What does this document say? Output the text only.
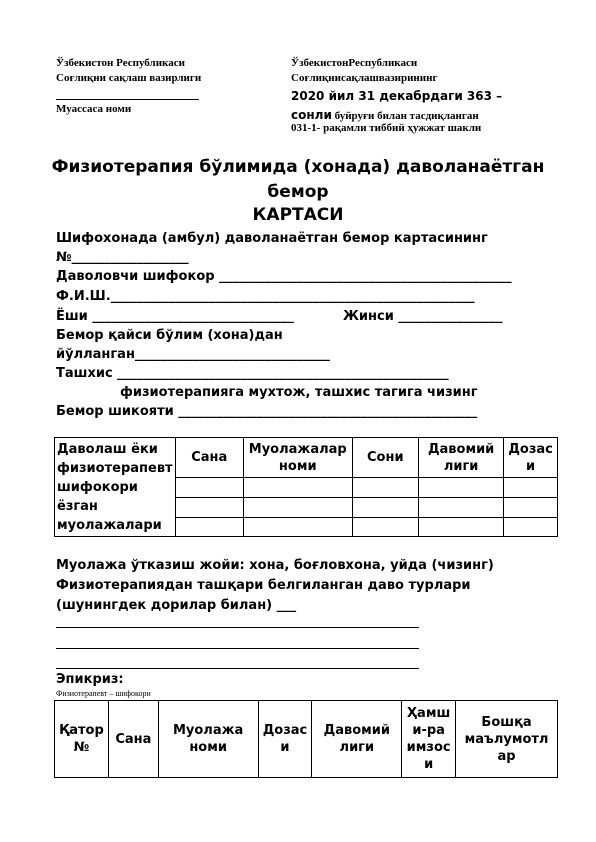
Ўзбекистон Республикаси
Соғлиқни сақлаш вазирлиги
Муассаса номи
ЎзбекистонРеспубликаси
Соғлиқнисақлашвазирининг
2020 йил 31 декабрдаги 363 –
сонли буйруғи билан тасдиқланган
031-1- рақамли тиббий ҳужжат шакли
Физиотерапия бўлимида (хонада) даволанаётган
бемор
КАРТАСИ
Шифохонада (амбул) даволанаётган бемор картасининг
№__________________
Даволовчи шифокор _____________________________________________
Ф.И.Ш.________________________________________________________
Ёши _______________________________	Жинси ________________
Бемор қайси бўлим (хона)дан
йўлланган______________________________
Ташхис ___________________________________________________
физиотерапияга мухтож, ташхис тагига чизинг
Бемор шикояти ______________________________________________
Даволаш ёки физиотерапевт шифокори ёзган муолажалари	Сана	Муолажалар номи	Сони	Давомий лиги	Дозас и

Муолажа ўтказиш жойи: хона, боғловхона, уйда (чизинг)
Физиотерапиядан ташқари белгиланган даво турлари
(шунингдек дорилар билан) ___
Эпикриз:
Физиотерапевт – шифокори
Қатор №	Сана	Муолажа номи	Дозас и	Давомий лиги	Ҳамш и-ра имзос и	Бошқа маълумотл ар
